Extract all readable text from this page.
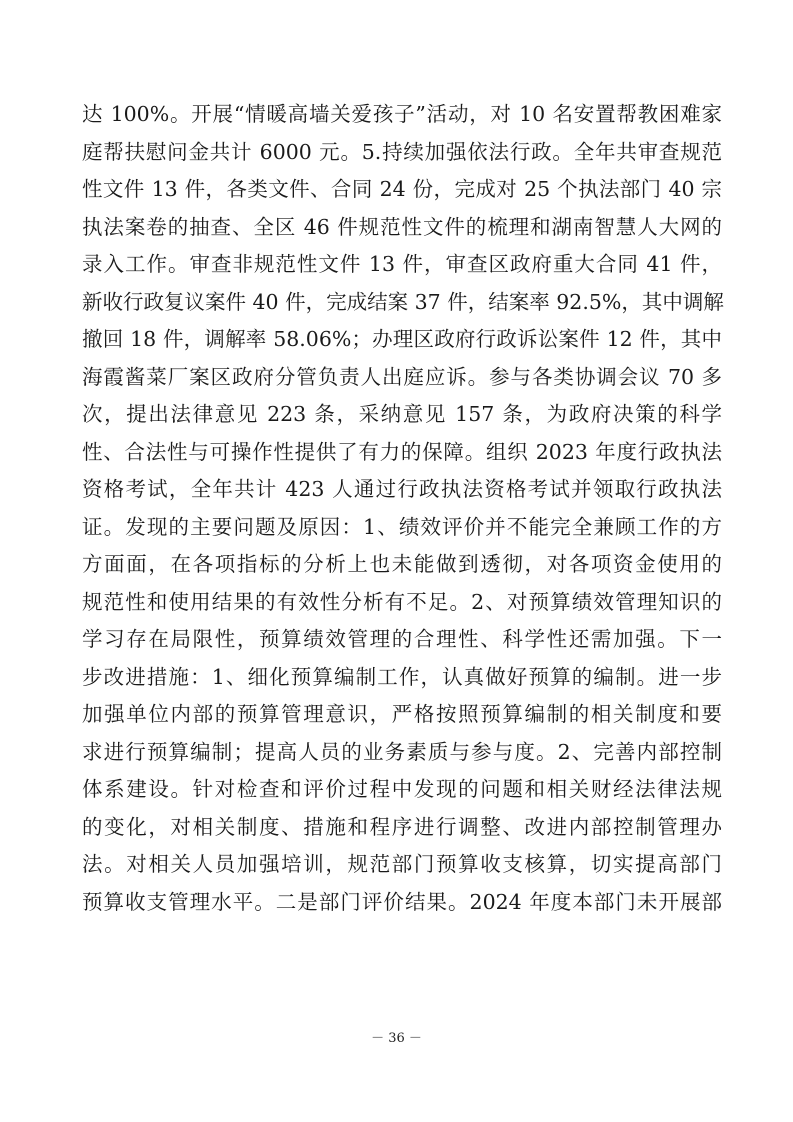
达 100%。开展“情暖高墙关爱孩子”活动，对 10 名安置帮教困难家
庭帮扶慰问金共计 6000 元。5.持续加强依法行政。全年共审查规范
性文件 13 件，各类文件、合同 24 份，完成对 25 个执法部门 40 宗
执法案卷的抽查、全区 46 件规范性文件的梳理和湖南智慧人大网的
录入工作。审查非规范性文件 13 件，审查区政府重大合同 41 件，
新收行政复议案件 40 件，完成结案 37 件，结案率 92.5%，其中调解
撤回 18 件，调解率 58.06%；办理区政府行政诉讼案件 12 件，其中
海霞酱菜厂案区政府分管负责人出庭应诉。参与各类协调会议 70 多
次，提出法律意见 223 条，采纳意见 157 条，为政府决策的科学
性、合法性与可操作性提供了有力的保障。组织 2023 年度行政执法
资格考试，全年共计 423 人通过行政执法资格考试并领取行政执法
证。发现的主要问题及原因：1、绩效评价并不能完全兼顾工作的方
方面面，在各项指标的分析上也未能做到透彻，对各项资金使用的
规范性和使用结果的有效性分析有不足。2、对预算绩效管理知识的
学习存在局限性，预算绩效管理的合理性、科学性还需加强。下一
步改进措施：1、细化预算编制工作，认真做好预算的编制。进一步
加强单位内部的预算管理意识，严格按照预算编制的相关制度和要
求进行预算编制；提高人员的业务素质与参与度。2、完善内部控制
体系建设。针对检查和评价过程中发现的问题和相关财经法律法规
的变化，对相关制度、措施和程序进行调整、改进内部控制管理办
法。对相关人员加强培训，规范部门预算收支核算，切实提高部门
预算收支管理水平。二是部门评价结果。2024 年度本部门未开展部
－ 36 －
